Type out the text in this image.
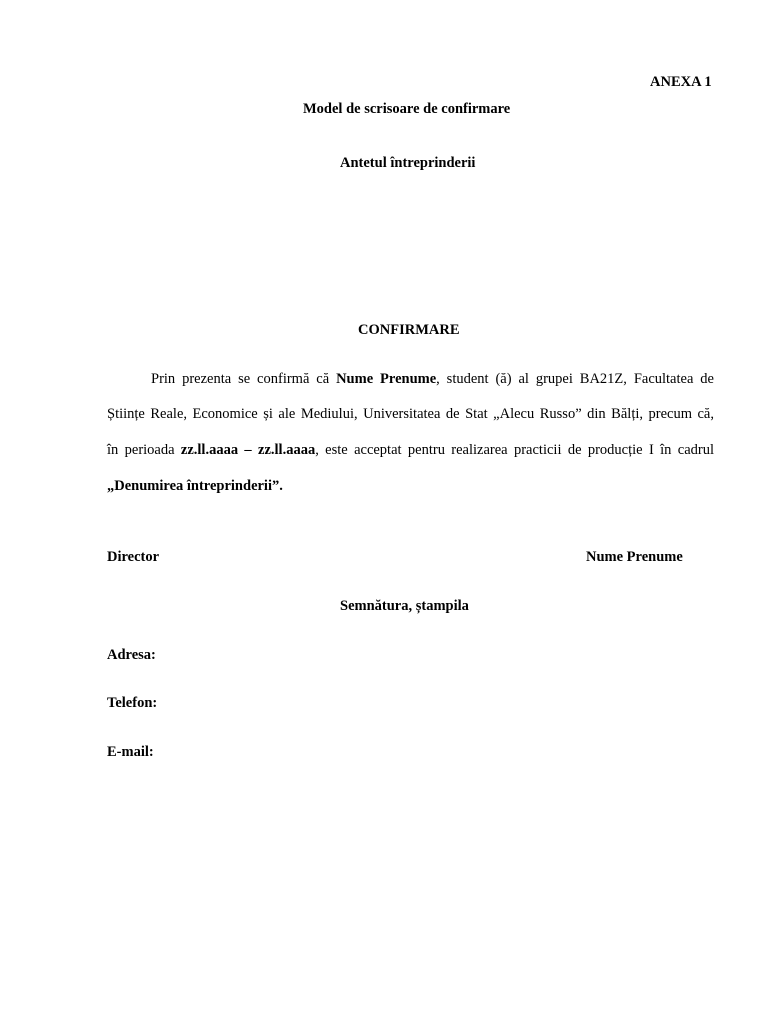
ANEXA 1
Model de scrisoare de confirmare
Antetul întreprinderii
CONFIRMARE
Prin prezenta se confirmă că Nume Prenume, student (ă) al grupei BA21Z, Facultatea de
Științe Reale, Economice și ale Mediului, Universitatea de Stat „Alecu Russo” din Bălți, precum că,
în perioada zz.ll.aaaa – zz.ll.aaaa, este acceptat pentru realizarea practicii de producție I în cadrul
„Denumirea întreprinderii”.
Director	Nume Prenume
Semnătura, ștampila
Adresa:
Telefon:
E-mail:
